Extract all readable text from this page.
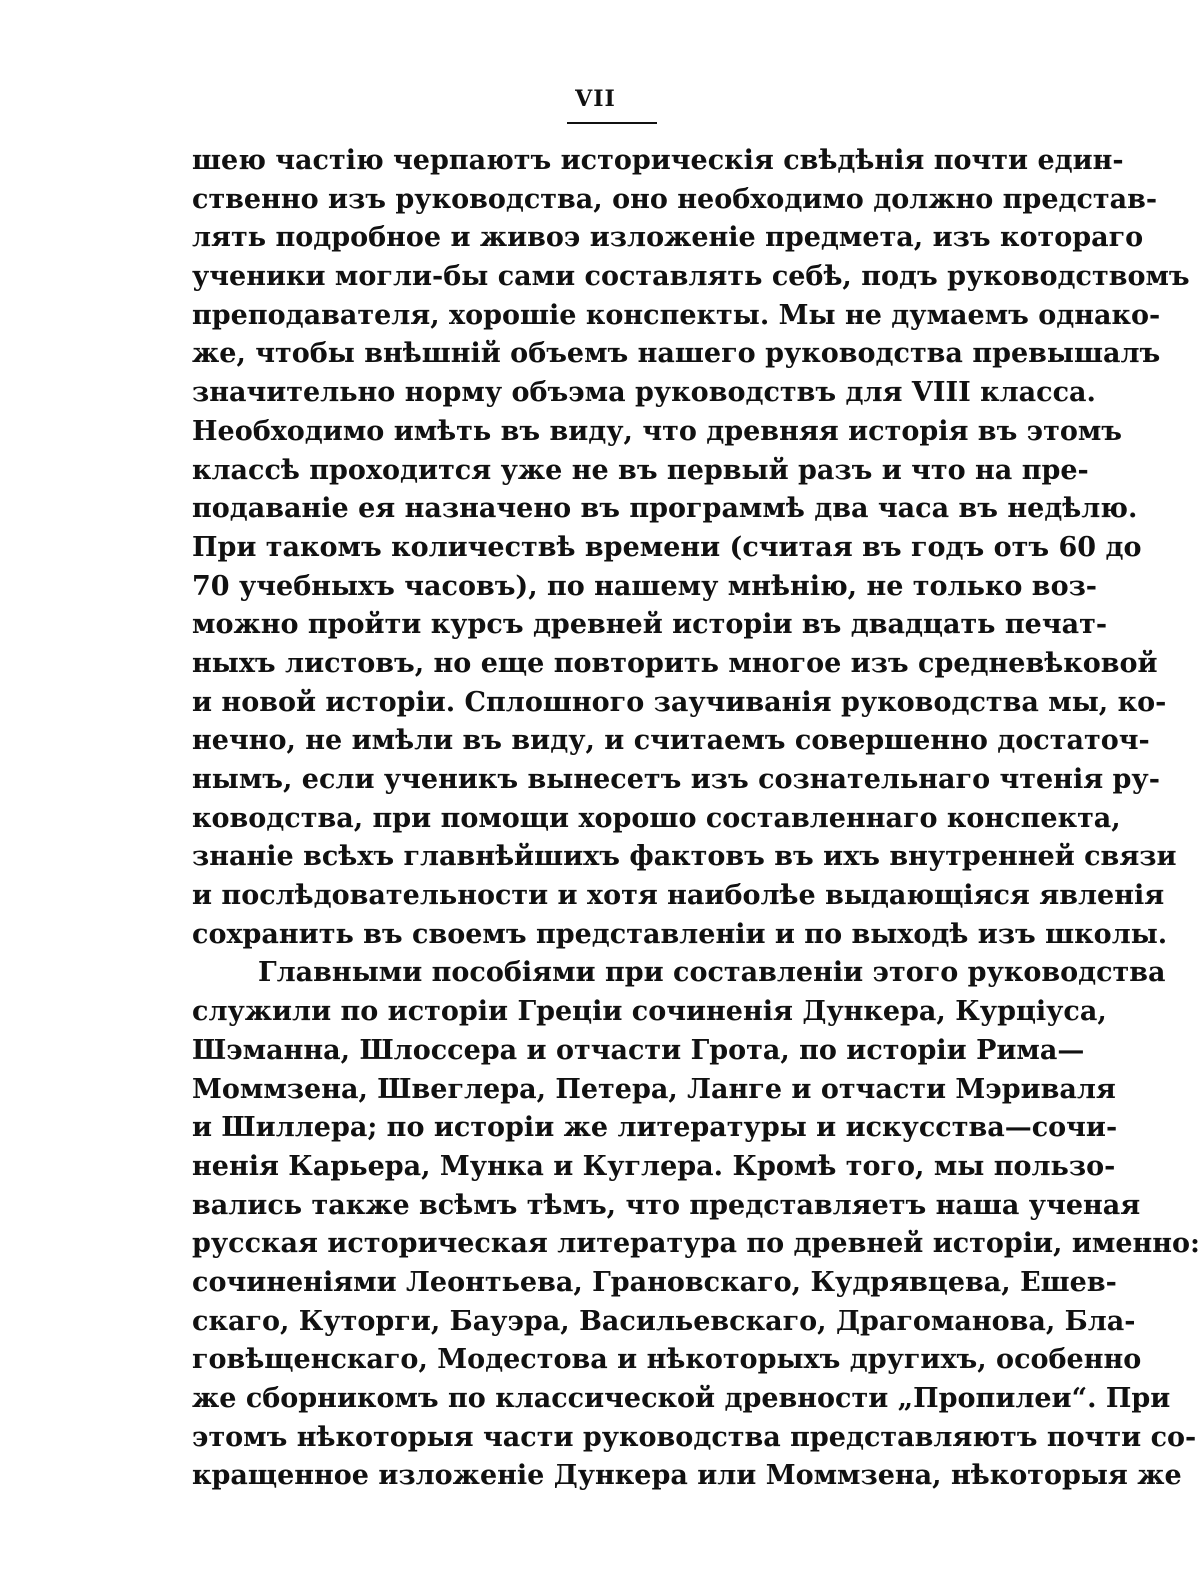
VII
шею частію черпаютъ историческія свѣдѣнія почти един-
ственно изъ руководства, оно необходимо должно представ-
лять подробное и живоэ изложеніе предмета, изъ котораго
ученики могли-бы сами составлять себѣ, подъ руководствомъ
преподавателя, хорошіе конспекты. Мы не думаемъ однако-
же, чтобы внѣшній объемъ нашего руководства превышалъ
значительно норму объэма руководствъ для VIII класса.
Необходимо имѣть въ виду, что древняя исторія въ этомъ
классѣ проходится уже не въ первый разъ и что на пре-
подаваніе ея назначено въ программѣ два часа въ недѣлю.
При такомъ количествѣ времени (считая въ годъ отъ 60 до
70 учебныхъ часовъ), по нашему мнѣнію, не только воз-
можно пройти курсъ древней исторіи въ двадцать печат-
ныхъ листовъ, но еще повторить многое изъ средневѣковой
и новой исторіи. Сплошного заучиванія руководства мы, ко-
нечно, не имѣли въ виду, и считаемъ совершенно достаточ-
нымъ, если ученикъ вынесетъ изъ сознательнаго чтенія ру-
ководства, при помощи хорошо составленнаго конспекта,
знаніе всѣхъ главнѣйшихъ фактовъ въ ихъ внутренней связи
и послѣдовательности и хотя наиболѣе выдающіяся явленія
сохранить въ своемъ представленіи и по выходѣ изъ школы.
Главными пособіями при составленіи этого руководства
служили по исторіи Греціи сочиненія Дункера, Курціуса,
Шэманна, Шлоссера и отчасти Грота, по исторіи Рима—
Моммзена, Швеглера, Петера, Ланге и отчасти Мэриваля
и Шиллера; по исторіи же литературы и искусства—сочи-
ненія Карьера, Мунка и Куглера. Кромѣ того, мы пользо-
вались также всѣмъ тѣмъ, что представляетъ наша ученая
русская историческая литература по древней исторіи, именно:
сочиненіями Леонтьева, Грановскаго, Кудрявцева, Ешев-
скаго, Куторги, Бауэра, Васильевскаго, Драгоманова, Бла-
говѣщенскаго, Модестова и нѣкоторыхъ другихъ, особенно
же сборникомъ по классической древности „Пропилеи“. При
этомъ нѣкоторыя части руководства представляютъ почти со-
кращенное изложеніе Дункера или Моммзена, нѣкоторыя же
